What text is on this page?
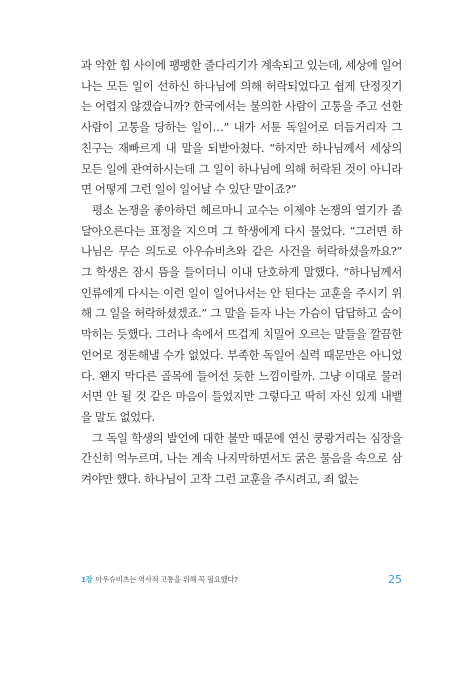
과 악한 힘 사이에 팽팽한 줄다리기가 계속되고 있는데, 세상에 일어나는 모든 일이 선하신 하나님에 의해 허락되었다고 쉽게 단정짓기는 어렵지 않겠습니까? 한국에서는 불의한 사람이 고통을 주고 선한 사람이 고통을 당하는 일이…” 내가 서툰 독일어로 더듬거리자 그 친구는 재빠르게 내 말을 되받아쳤다. “하지만 하나님께서 세상의 모든 일에 관여하시는데 그 일이 하나님에 의해 허락된 것이 아니라면 어떻게 그런 일이 일어날 수 있단 말이죠?”

평소 논쟁을 좋아하던 헤르마니 교수는 이제야 논쟁의 열기가 좀 달아오른다는 표정을 지으며 그 학생에게 다시 물었다. “그러면 하나님은 무슨 의도로 아우슈비츠와 같은 사건을 허락하셨을까요?” 그 학생은 잠시 뜸을 들이더니 이내 단호하게 말했다. “하나님께서 인류에게 다시는 이런 일이 일어나서는 안 된다는 교훈을 주시기 위해 그 일을 허락하셨겠죠.” 그 말을 듣자 나는 가슴이 답답하고 숨이 막히는 듯했다. 그러나 속에서 뜨겁게 치밀어 오르는 말들을 깔끔한 언어로 정돈해낼 수가 없었다. 부족한 독일어 실력 때문만은 아니었다. 왠지 막다른 골목에 들어선 듯한 느낌이랄까. 그냥 이대로 물러서면 안 될 것 같은 마음이 들었지만 그렇다고 딱히 자신 있게 내뱉을 말도 없었다.

그 독일 학생의 발언에 대한 불만 때문에 연신 쿵쾅거리는 심장을 간신히 억누르며, 나는 계속 나지막하면서도 굵은 물음을 속으로 삼켜야만 했다. 하나님이 고작 그런 교훈을 주시려고, 죄 없는

1장 아우슈비츠는 역사적 고통을 위해 꼭 필요했다?	25
